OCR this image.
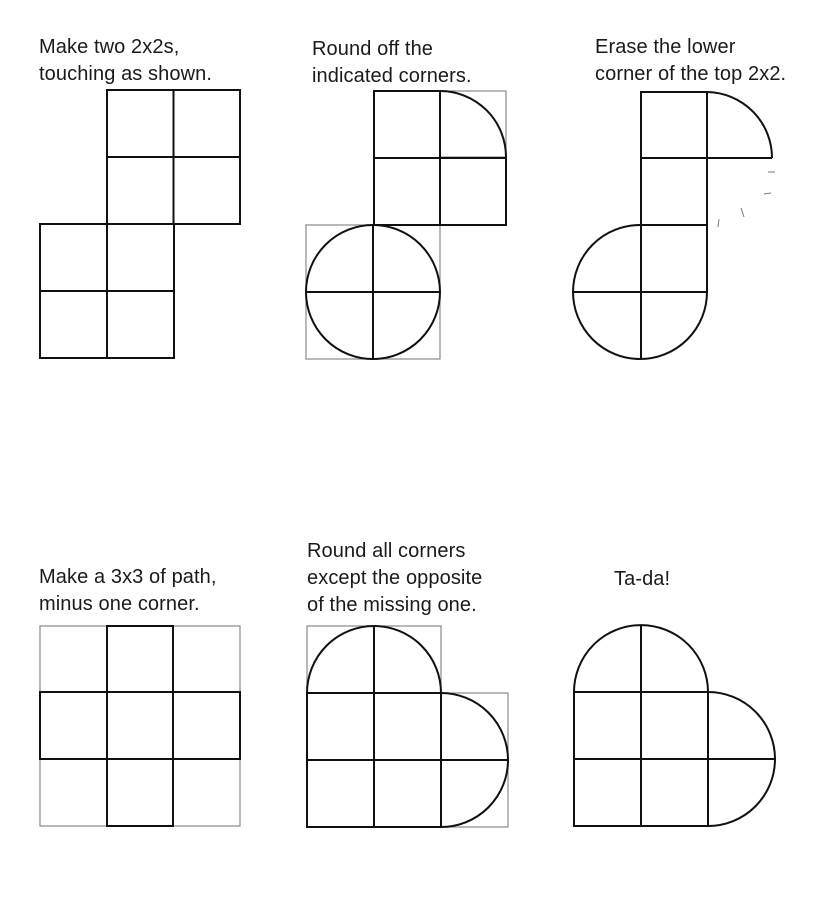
Make two 2x2s,
touching as shown.
Round off the
indicated corners.
Erase the lower
corner of the top 2x2.
Make a 3x3 of path,
minus one corner.
Round all corners
except the opposite
of the missing one.
Ta-da!
